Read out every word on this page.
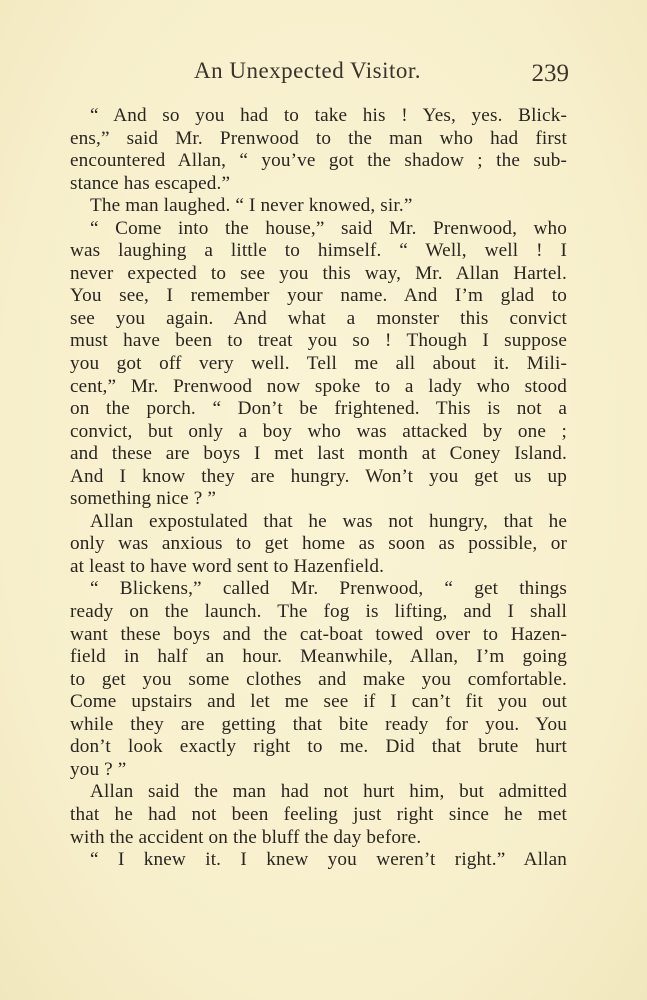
An Unexpected Visitor.	239
“ And so you had to take his ! Yes, yes. Blick-
ens,” said Mr. Prenwood to the man who had first
encountered Allan, “ you’ve got the shadow ; the sub-
stance has escaped.”
The man laughed. “ I never knowed, sir.”
“ Come into the house,” said Mr. Prenwood, who
was laughing a little to himself. “ Well, well ! I
never expected to see you this way, Mr. Allan Hartel.
You see, I remember your name. And I’m glad to
see you again. And what a monster this convict
must have been to treat you so ! Though I suppose
you got off very well. Tell me all about it. Mili-
cent,” Mr. Prenwood now spoke to a lady who stood
on the porch. “ Don’t be frightened. This is not a
convict, but only a boy who was attacked by one ;
and these are boys I met last month at Coney Island.
And I know they are hungry. Won’t you get us up
something nice ? ”
Allan expostulated that he was not hungry, that he
only was anxious to get home as soon as possible, or
at least to have word sent to Hazenfield.
“ Blickens,” called Mr. Prenwood, “ get things
ready on the launch. The fog is lifting, and I shall
want these boys and the cat-boat towed over to Hazen-
field in half an hour. Meanwhile, Allan, I’m going
to get you some clothes and make you comfortable.
Come upstairs and let me see if I can’t fit you out
while they are getting that bite ready for you. You
don’t look exactly right to me. Did that brute hurt
you ? ”
Allan said the man had not hurt him, but admitted
that he had not been feeling just right since he met
with the accident on the bluff the day before.
“ I knew it. I knew you weren’t right.” Allan
